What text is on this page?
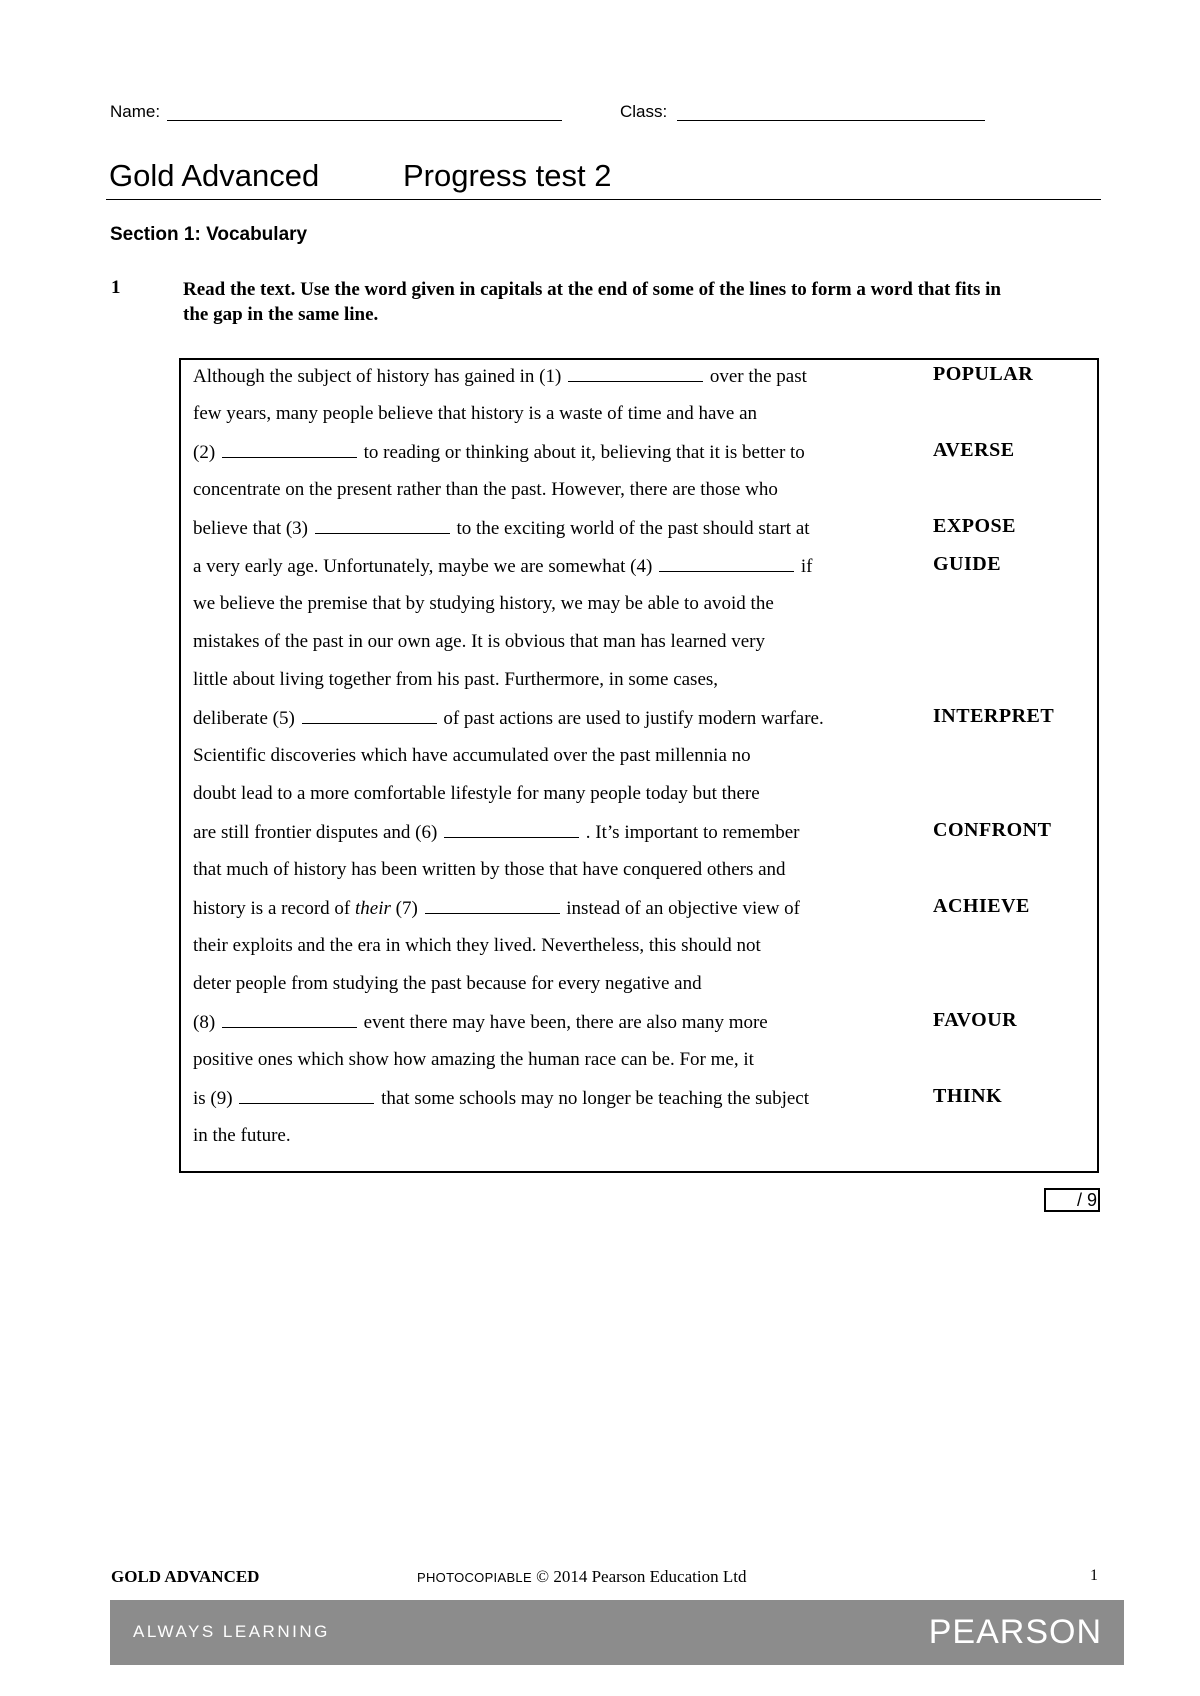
Name:	Class:
Gold Advanced	Progress test 2
Section 1: Vocabulary
1	Read the text. Use the word given in capitals at the end of some of the lines to form a word that fits in the gap in the same line.
Although the subject of history has gained in (1)	over the past	POPULAR
few years, many people believe that history is a waste of time and have an
(2)	to reading or thinking about it, believing that it is better to	AVERSE
concentrate on the present rather than the past. However, there are those who
believe that (3)	to the exciting world of the past should start at	EXPOSE
a very early age. Unfortunately, maybe we are somewhat (4)	if	GUIDE
we believe the premise that by studying history, we may be able to avoid the
mistakes of the past in our own age. It is obvious that man has learned very
little about living together from his past. Furthermore, in some cases,
deliberate (5)	of past actions are used to justify modern warfare.	INTERPRET
Scientific discoveries which have accumulated over the past millennia no
doubt lead to a more comfortable lifestyle for many people today but there
are still frontier disputes and (6)	. It’s important to remember	CONFRONT
that much of history has been written by those that have conquered others and
history is a record of their (7)	instead of an objective view of	ACHIEVE
their exploits and the era in which they lived. Nevertheless, this should not
deter people from studying the past because for every negative and
(8)	event there may have been, there are also many more	FAVOUR
positive ones which show how amazing the human race can be. For me, it
is (9)	that some schools may no longer be teaching the subject	THINK
in the future.
/ 9
GOLD ADVANCED	PHOTOCOPIABLE © 2014 Pearson Education Ltd	1
ALWAYS LEARNING	PEARSON
